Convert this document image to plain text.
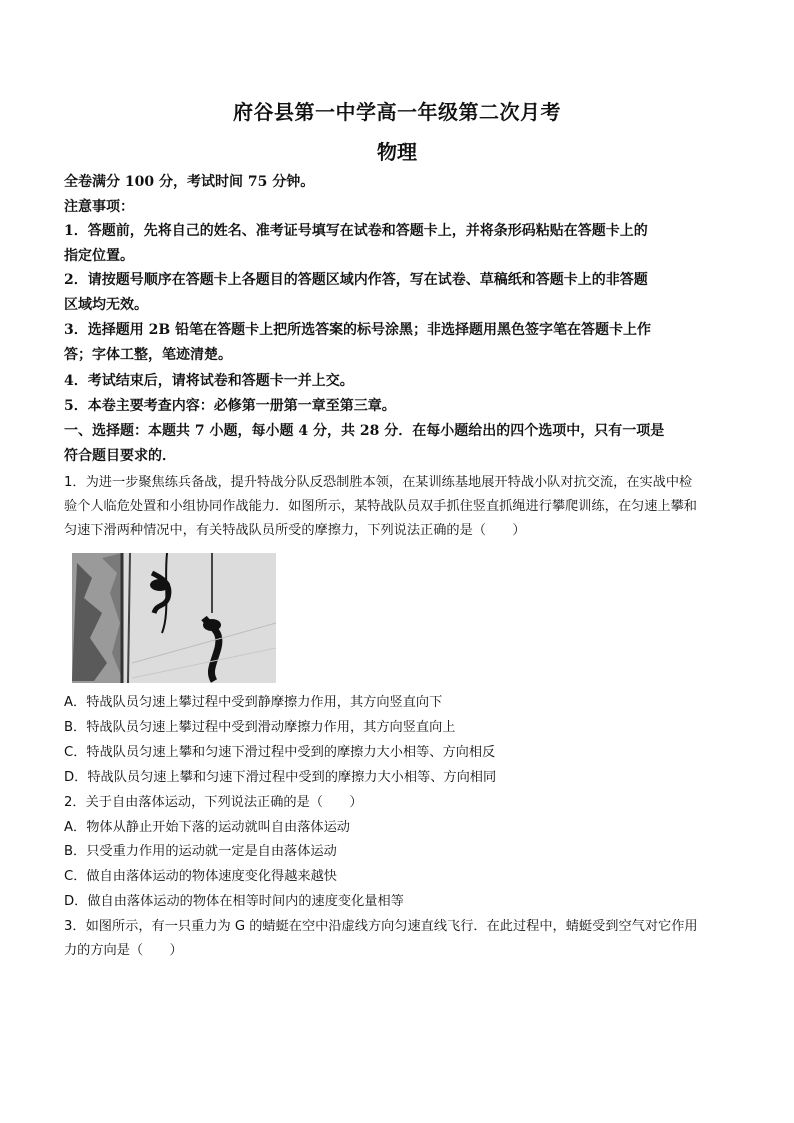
府谷县第一中学高一年级第二次月考
物理
全卷满分 100 分，考试时间 75 分钟。
注意事项：
1．答题前，先将自己的姓名、准考证号填写在试卷和答题卡上，并将条形码粘贴在答题卡上的
指定位置。
2．请按题号顺序在答题卡上各题目的答题区域内作答，写在试卷、草稿纸和答题卡上的非答题
区域均无效。
3．选择题用 2B 铅笔在答题卡上把所选答案的标号涂黑；非选择题用黑色签字笔在答题卡上作
答；字体工整，笔迹清楚。
4．考试结束后，请将试卷和答题卡一并上交。
5．本卷主要考查内容：必修第一册第一章至第三章。
一、选择题：本题共 7 小题，每小题 4 分，共 28 分．在每小题给出的四个选项中，只有一项是
符合题目要求的．
1．为进一步聚焦练兵备战，提升特战分队反恐制胜本领，在某训练基地展开特战小队对抗交流，在实战中检
验个人临危处置和小组协同作战能力．如图所示，某特战队员双手抓住竖直抓绳进行攀爬训练，在匀速上攀和
匀速下滑两种情况中，有关特战队员所受的摩擦力，下列说法正确的是（　　）
A．特战队员匀速上攀过程中受到静摩擦力作用，其方向竖直向下
B．特战队员匀速上攀过程中受到滑动摩擦力作用，其方向竖直向上
C．特战队员匀速上攀和匀速下滑过程中受到的摩擦力大小相等、方向相反
D．特战队员匀速上攀和匀速下滑过程中受到的摩擦力大小相等、方向相同
2．关于自由落体运动，下列说法正确的是（　　）
A．物体从静止开始下落的运动就叫自由落体运动
B．只受重力作用的运动就一定是自由落体运动
C．做自由落体运动的物体速度变化得越来越快
D．做自由落体运动的物体在相等时间内的速度变化量相等
3．如图所示，有一只重力为 G 的蜻蜓在空中沿虚线方向匀速直线飞行．在此过程中，蜻蜓受到空气对它作用
力的方向是（　　）
